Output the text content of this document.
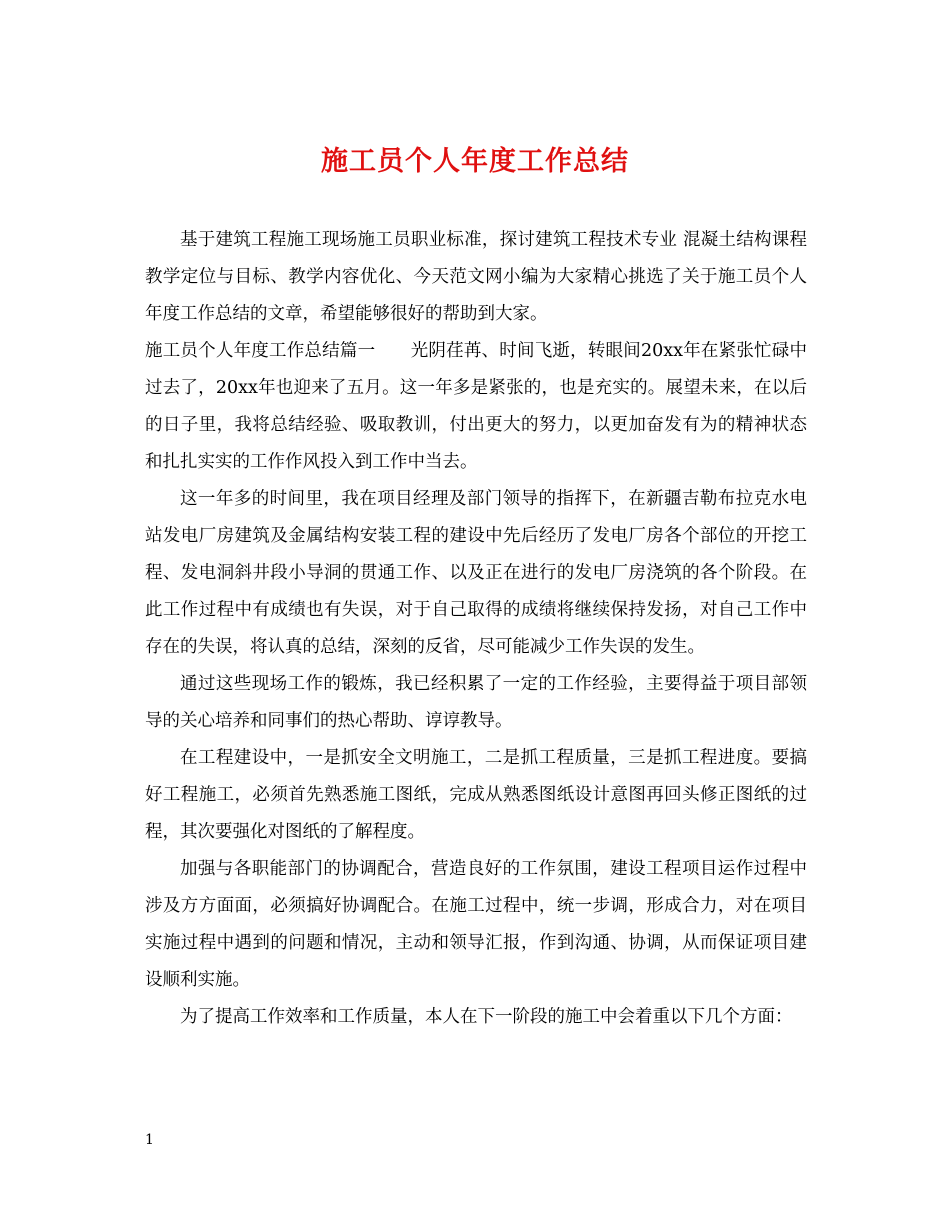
施工员个人年度工作总结

基于建筑工程施工现场施工员职业标准，探讨建筑工程技术专业 混凝土结构课程教学定位与目标、教学内容优化、今天范文网小编为大家精心挑选了关于施工员个人年度工作总结的文章，希望能够很好的帮助到大家。

施工员个人年度工作总结篇一　　光阴荏苒、时间飞逝，转眼间20xx年在紧张忙碌中过去了，20xx年也迎来了五月。这一年多是紧张的，也是充实的。展望未来，在以后的日子里，我将总结经验、吸取教训，付出更大的努力，以更加奋发有为的精神状态和扎扎实实的工作作风投入到工作中当去。

这一年多的时间里，我在项目经理及部门领导的指挥下，在新疆吉勒布拉克水电站发电厂房建筑及金属结构安装工程的建设中先后经历了发电厂房各个部位的开挖工程、发电洞斜井段小导洞的贯通工作、以及正在进行的发电厂房浇筑的各个阶段。在此工作过程中有成绩也有失误，对于自己取得的成绩将继续保持发扬，对自己工作中存在的失误，将认真的总结，深刻的反省，尽可能减少工作失误的发生。

通过这些现场工作的锻炼，我已经积累了一定的工作经验，主要得益于项目部领导的关心培养和同事们的热心帮助、谆谆教导。

在工程建设中，一是抓安全文明施工，二是抓工程质量，三是抓工程进度。要搞好工程施工，必须首先熟悉施工图纸，完成从熟悉图纸设计意图再回头修正图纸的过程，其次要强化对图纸的了解程度。

加强与各职能部门的协调配合，营造良好的工作氛围，建设工程项目运作过程中涉及方方面面，必须搞好协调配合。在施工过程中，统一步调，形成合力，对在项目实施过程中遇到的问题和情况，主动和领导汇报，作到沟通、协调，从而保证项目建设顺利实施。

为了提高工作效率和工作质量，本人在下一阶段的施工中会着重以下几个方面：

1
